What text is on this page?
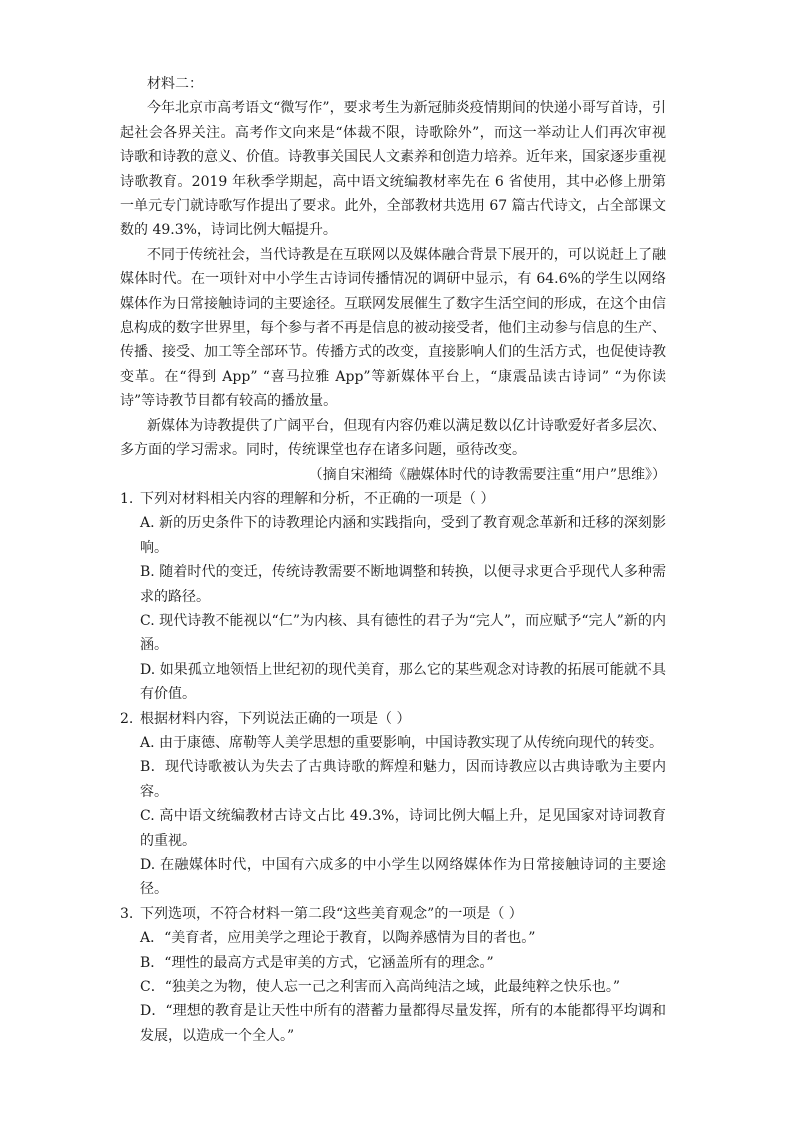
材料二：

今年北京市高考语文“微写作”，要求考生为新冠肺炎疫情期间的快递小哥写首诗，引起社会各界关注。高考作文向来是“体裁不限，诗歌除外”，而这一举动让人们再次审视诗歌和诗教的意义、价值。诗教事关国民人文素养和创造力培养。近年来，国家逐步重视诗歌教育。2019 年秋季学期起，高中语文统编教材率先在 6 省使用，其中必修上册第一单元专门就诗歌写作提出了要求。此外，全部教材共选用 67 篇古代诗文，占全部课文数的 49.3%，诗词比例大幅提升。

不同于传统社会，当代诗教是在互联网以及媒体融合背景下展开的，可以说赶上了融媒体时代。在一项针对中小学生古诗词传播情况的调研中显示，有 64.6%的学生以网络媒体作为日常接触诗词的主要途径。互联网发展催生了数字生活空间的形成，在这个由信息构成的数字世界里，每个参与者不再是信息的被动接受者，他们主动参与信息的生产、传播、接受、加工等全部环节。传播方式的改变，直接影响人们的生活方式，也促使诗教变革。在“得到 App” “喜马拉雅 App”等新媒体平台上，“康震品读古诗词” “为你读诗”等诗教节目都有较高的播放量。

新媒体为诗教提供了广阔平台，但现有内容仍难以满足数以亿计诗歌爱好者多层次、多方面的学习需求。同时，传统课堂也存在诸多问题，亟待改变。

（摘自宋湘绮《融媒体时代的诗教需要注重“用户”思维》）

1. 下列对材料相关内容的理解和分析，不正确的一项是（ ）

A. 新的历史条件下的诗教理论内涵和实践指向，受到了教育观念革新和迁移的深刻影响。

B. 随着时代的变迁，传统诗教需要不断地调整和转换，以便寻求更合乎现代人多种需求的路径。

C. 现代诗教不能视以“仁”为内核、具有德性的君子为“完人”，而应赋予“完人”新的内涵。

D. 如果孤立地领悟上世纪初的现代美育，那么它的某些观念对诗教的拓展可能就不具有价值。

2. 根据材料内容，下列说法正确的一项是（ ）

A. 由于康德、席勒等人美学思想的重要影响，中国诗教实现了从传统向现代的转变。

B．现代诗歌被认为失去了古典诗歌的辉煌和魅力，因而诗教应以古典诗歌为主要内容。

C. 高中语文统编教材古诗文占比 49.3%，诗词比例大幅上升，足见国家对诗词教育的重视。

D. 在融媒体时代，中国有六成多的中小学生以网络媒体作为日常接触诗词的主要途径。

3. 下列选项，不符合材料一第二段“这些美育观念”的一项是（ ）

A．“美育者，应用美学之理论于教育，以陶养感情为目的者也。”

B．“理性的最高方式是审美的方式，它涵盖所有的理念。”

C．“独美之为物，使人忘一己之利害而入高尚纯洁之域，此最纯粹之快乐也。”

D．“理想的教育是让天性中所有的潜蓄力量都得尽量发挥，所有的本能都得平均调和发展，以造成一个全人。”
